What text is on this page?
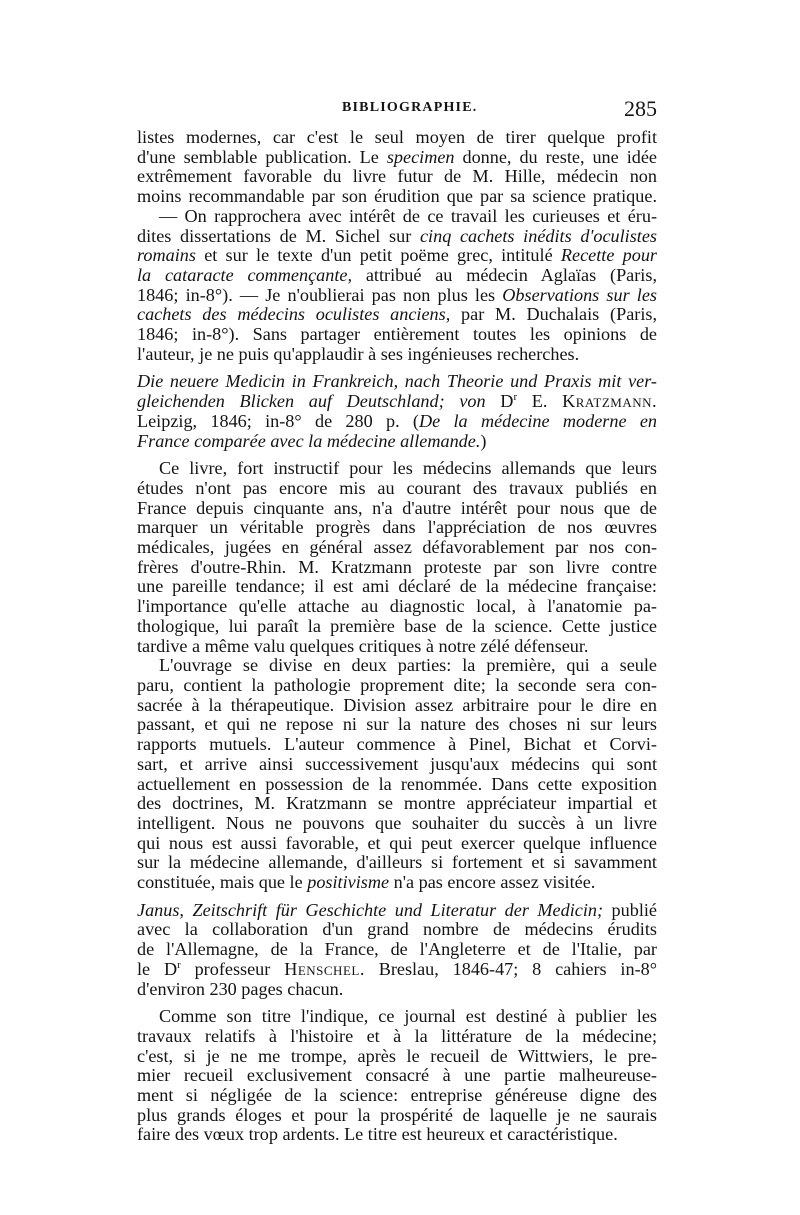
BIBLIOGRAPHIE.	285

listes modernes, car c'est le seul moyen de tirer quelque profit
d'une semblable publication. Le specimen donne, du reste, une idée
extrêmement favorable du livre futur de M. Hille, médecin non
moins recommandable par son érudition que par sa science pratique.
— On rapprochera avec intérêt de ce travail les curieuses et éru-
dites dissertations de M. Sichel sur cinq cachets inédits d'oculistes
romains et sur le texte d'un petit poëme grec, intitulé Recette pour
la cataracte commençante, attribué au médecin Aglaïas (Paris,
1846; in-8°). — Je n'oublierai pas non plus les Observations sur les
cachets des médecins oculistes anciens, par M. Duchalais (Paris,
1846; in-8°). Sans partager entièrement toutes les opinions de
l'auteur, je ne puis qu'applaudir à ses ingénieuses recherches.

Die neuere Medicin in Frankreich, nach Theorie und Praxis mit ver-
gleichenden Blicken auf Deutschland; von $D^r$ E. Kratzmann.
Leipzig, 1846; in-8° de 280 p. (De la médecine moderne en
France comparée avec la médecine allemande.)

Ce livre, fort instructif pour les médecins allemands que leurs
études n'ont pas encore mis au courant des travaux publiés en
France depuis cinquante ans, n'a d'autre intérêt pour nous que de
marquer un véritable progrès dans l'appréciation de nos œuvres
médicales, jugées en général assez défavorablement par nos con-
frères d'outre-Rhin. M. Kratzmann proteste par son livre contre
une pareille tendance; il est ami déclaré de la médecine française:
l'importance qu'elle attache au diagnostic local, à l'anatomie pa-
thologique, lui paraît la première base de la science. Cette justice
tardive a même valu quelques critiques à notre zélé défenseur.

L'ouvrage se divise en deux parties: la première, qui a seule
paru, contient la pathologie proprement dite; la seconde sera con-
sacrée à la thérapeutique. Division assez arbitraire pour le dire en
passant, et qui ne repose ni sur la nature des choses ni sur leurs
rapports mutuels. L'auteur commence à Pinel, Bichat et Corvi-
sart, et arrive ainsi successivement jusqu'aux médecins qui sont
actuellement en possession de la renommée. Dans cette exposition
des doctrines, M. Kratzmann se montre appréciateur impartial et
intelligent. Nous ne pouvons que souhaiter du succès à un livre
qui nous est aussi favorable, et qui peut exercer quelque influence
sur la médecine allemande, d'ailleurs si fortement et si savamment
constituée, mais que le positivisme n'a pas encore assez visitée.

Janus, Zeitschrift für Geschichte und Literatur der Medicin; publié
avec la collaboration d'un grand nombre de médecins érudits
de l'Allemagne, de la France, de l'Angleterre et de l'Italie, par
le $D^r$ professeur Henschel. Breslau, 1846-47; 8 cahiers in-8°
d'environ 230 pages chacun.

Comme son titre l'indique, ce journal est destiné à publier les
travaux relatifs à l'histoire et à la littérature de la médecine;
c'est, si je ne me trompe, après le recueil de Wittwiers, le pre-
mier recueil exclusivement consacré à une partie malheureuse-
ment si négligée de la science: entreprise généreuse digne des
plus grands éloges et pour la prospérité de laquelle je ne saurais
faire des vœux trop ardents. Le titre est heureux et caractéristique.
